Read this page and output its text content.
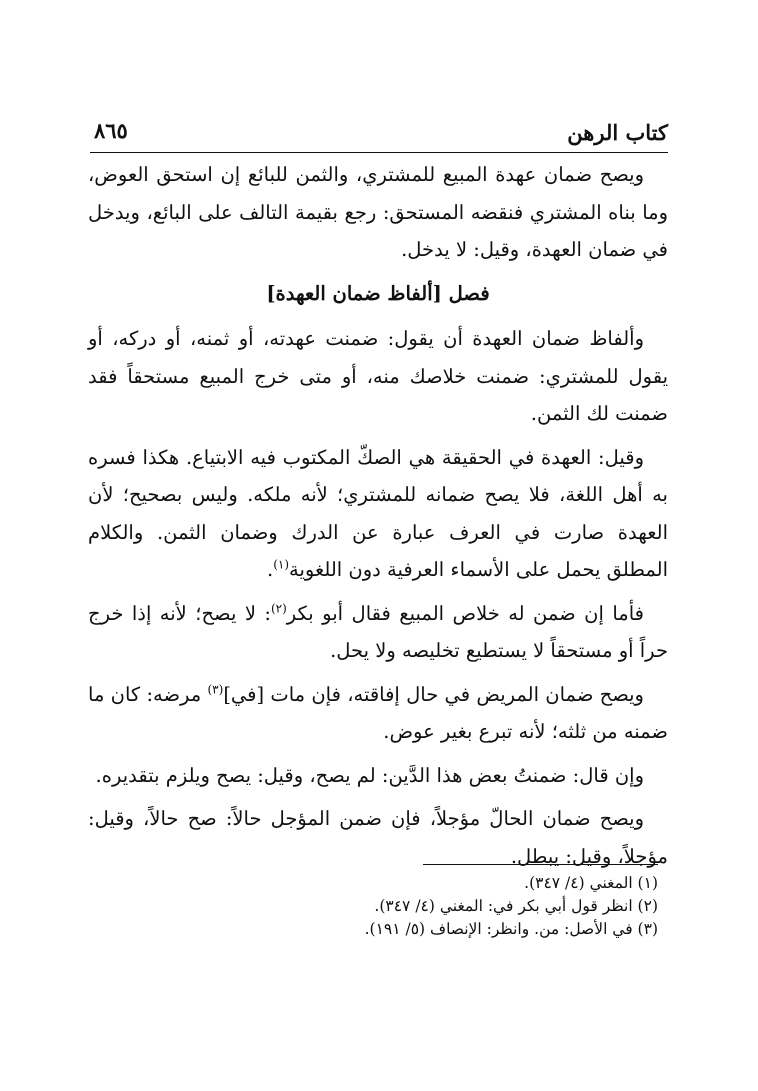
كتاب الرهن
٨٦٥

ويصح ضمان عهدة المبيع للمشتري، والثمن للبائع إن استحق العوض، وما بناه المشتري فنقضه المستحق: رجع بقيمة التالف على البائع، ويدخل في ضمان العهدة، وقيل: لا يدخل.

فصل [ألفاظ ضمان العهدة]

وألفاظ ضمان العهدة أن يقول: ضمنت عهدته، أو ثمنه، أو دركه، أو يقول للمشتري: ضمنت خلاصك منه، أو متى خرج المبيع مستحقاً فقد ضمنت لك الثمن.

وقيل: العهدة في الحقيقة هي الصكّ المكتوب فيه الابتياع. هكذا فسره به أهل اللغة، فلا يصح ضمانه للمشتري؛ لأنه ملكه. وليس بصحيح؛ لأن العهدة صارت في العرف عبارة عن الدرك وضمان الثمن. والكلام المطلق يحمل على الأسماء العرفية دون اللغوية$^{(١)}$.

فأما إن ضمن له خلاص المبيع فقال أبو بكر$^{(٢)}$: لا يصح؛ لأنه إذا خرج حراً أو مستحقاً لا يستطيع تخليصه ولا يحل.

ويصح ضمان المريض في حال إفاقته، فإن مات [في]$^{(٣)}$ مرضه: كان ما ضمنه من ثلثه؛ لأنه تبرع بغير عوض.

وإن قال: ضمنتُ بعض هذا الدَّين: لم يصح، وقيل: يصح ويلزم بتقديره.

ويصح ضمان الحالّ مؤجلاً، فإن ضمن المؤجل حالاً: صح حالاً، وقيل: مؤجلاً، وقيل: يبطل.

(١) المغني (٤/ ٣٤٧).

(٢) انظر قول أبي بكر في: المغني (٤/ ٣٤٧).

(٣) في الأصل: من. وانظر: الإنصاف (٥/ ١٩١).
